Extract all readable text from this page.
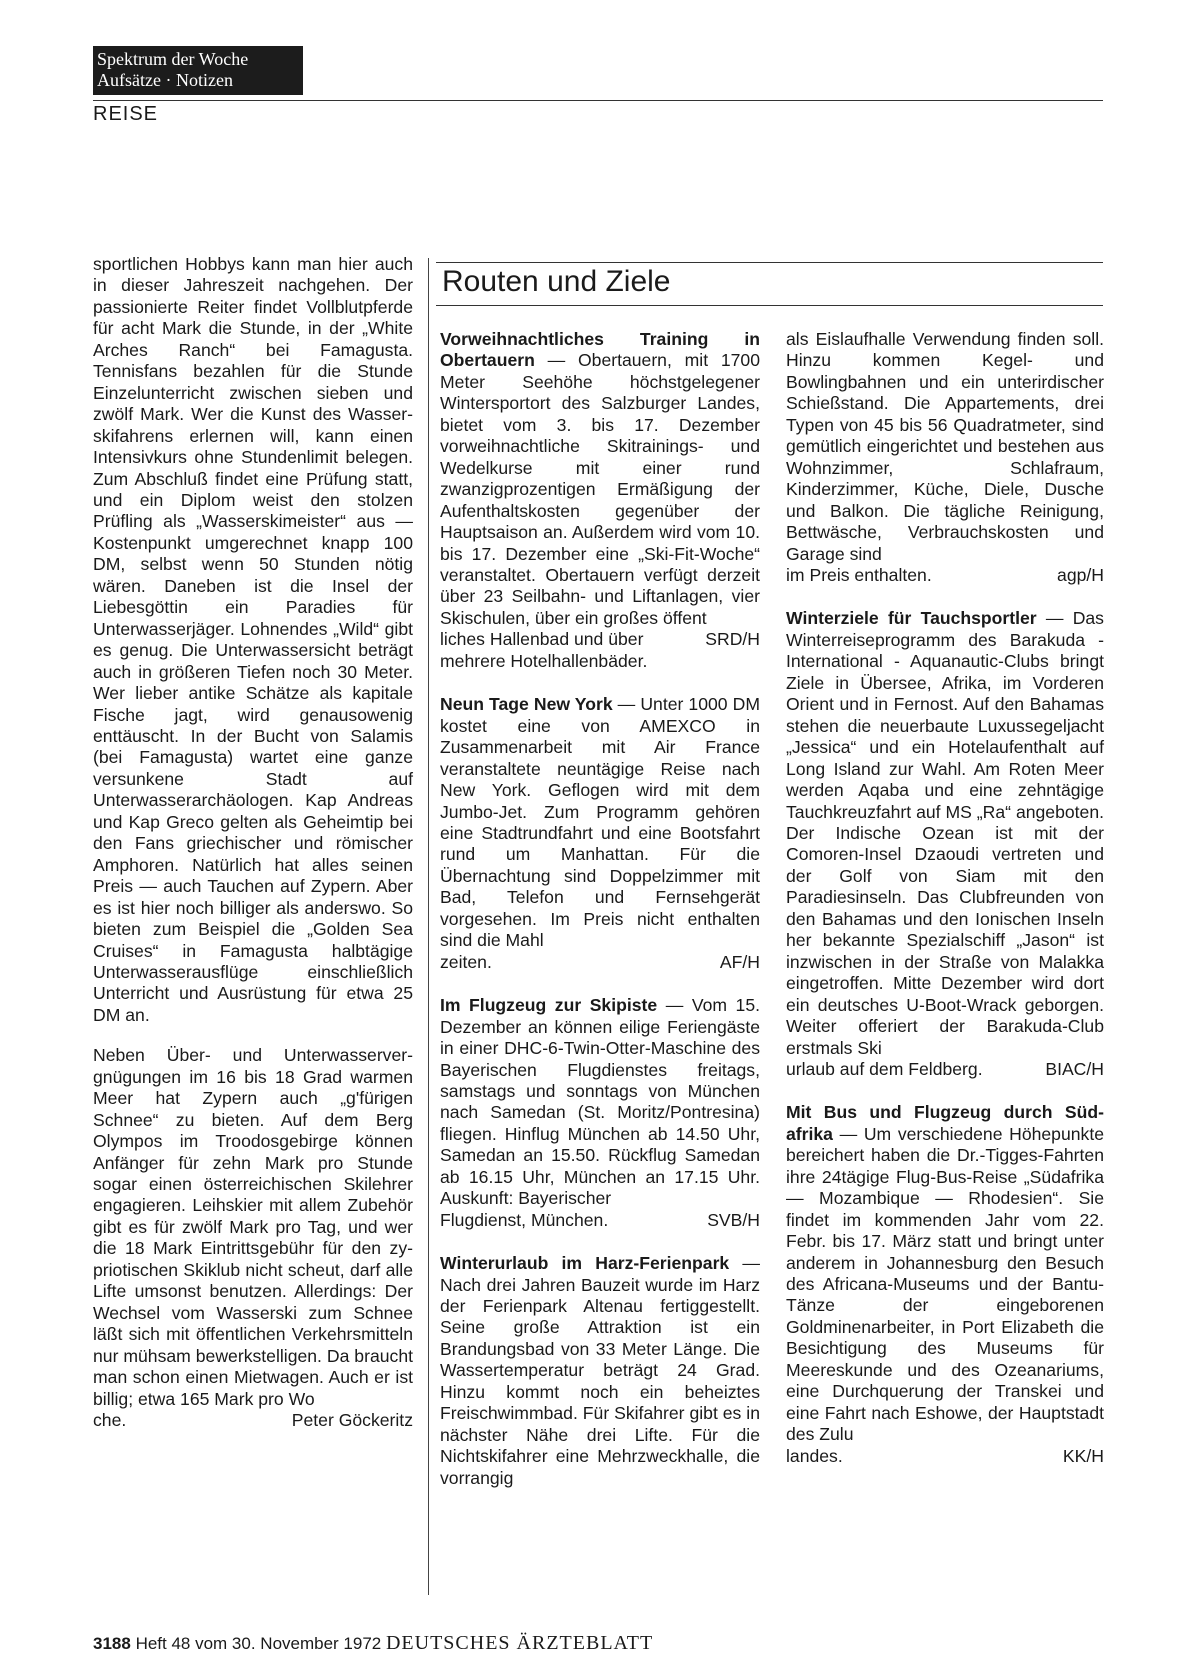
Spektrum der Woche
Aufsätze · Notizen
REISE

sportlichen Hobbys kann man hier auch in dieser Jahreszeit nachgehen. Der passionierte Reiter findet Vollblutpferde für acht Mark die Stunde, in der „White Arches Ranch“ bei Famagusta. Tennisfans bezahlen für die Stunde Einzelunterricht zwischen sieben und zwölf Mark. Wer die Kunst des Wasserskifahrens erlernen will, kann einen Intensivkurs ohne Stundenlimit belegen. Zum Abschluß findet eine Prüfung statt, und ein Diplom weist den stolzen Prüfling als „Wasserskimeister“ aus — Kostenpunkt umgerechnet knapp 100 DM, selbst wenn 50 Stunden nötig wären. Daneben ist die Insel der Liebesgöttin ein Paradies für Unterwasserjäger. Lohnendes „Wild“ gibt es genug. Die Unterwassersicht beträgt auch in größeren Tiefen noch 30 Meter. Wer lieber antike Schätze als kapitale Fische jagt, wird genausowenig enttäuscht. In der Bucht von Salamis (bei Famagusta) wartet eine ganze versunkene Stadt auf Unterwasserarchäologen. Kap Andreas und Kap Greco gelten als Geheimtip bei den Fans griechischer und römischer Amphoren. Natürlich hat alles seinen Preis — auch Tauchen auf Zypern. Aber es ist hier noch billiger als anderswo. So bieten zum Beispiel die „Golden Sea Cruises“ in Famagusta halbtägige Unterwasserausflüge einschließlich Unterricht und Ausrüstung für etwa 25 DM an.

Neben Über- und Unterwasservergnügungen im 16 bis 18 Grad warmen Meer hat Zypern auch „g'fürigen Schnee“ zu bieten. Auf dem Berg Olympos im Troodosgebirge können Anfänger für zehn Mark pro Stunde sogar einen österreichischen Skilehrer engagieren. Leihskier mit allem Zubehör gibt es für zwölf Mark pro Tag, und wer die 18 Mark Eintrittsgebühr für den zypriotischen Skiklub nicht scheut, darf alle Lifte umsonst benutzen. Allerdings: Der Wechsel vom Wasserski zum Schnee läßt sich mit öffentlichen Verkehrsmitteln nur mühsam bewerkstelligen. Da braucht man schon einen Mietwagen. Auch er ist billig; etwa 165 Mark pro Wo

che.	Peter Göckeritz

Routen und Ziele

Vorweihnachtliches Training in Obertauern — Obertauern, mit 1700 Meter Seehöhe höchstgelegener Wintersportort des Salzburger Landes, bietet vom 3. bis 17. Dezember vorweihnachtliche Skitrainings- und Wedelkurse mit einer rund zwanzigprozentigen Ermäßigung der Aufenthaltskosten gegenüber der Hauptsaison an. Außerdem wird vom 10. bis 17. Dezember eine „Ski-Fit-Woche“ veranstaltet. Obertauern verfügt derzeit über 23 Seilbahn- und Liftanlagen, vier Skischulen, über ein großes öffent

liches Hallenbad und über mehrere Hotelhallenbäder.
SRD/H

Neun Tage New York — Unter 1000 DM kostet eine von AMEXCO in Zusammenarbeit mit Air France veranstaltete neuntägige Reise nach New York. Geflogen wird mit dem Jumbo-Jet. Zum Programm gehören eine Stadtrundfahrt und eine Bootsfahrt rund um Manhattan. Für die Übernachtung sind Doppelzimmer mit Bad, Telefon und Fernsehgerät vorgesehen. Im Preis nicht enthalten sind die Mahl

zeiten.	AF/H

Im Flugzeug zur Skipiste — Vom 15. Dezember an können eilige Feriengäste in einer DHC-6-Twin-Otter-Maschine des Bayerischen Flugdienstes freitags, samstags und sonntags von München nach Samedan (St. Moritz/Pontresina) fliegen. Hinflug München ab 14.50 Uhr, Samedan an 15.50. Rückflug Samedan ab 16.15 Uhr, München an 17.15 Uhr. Auskunft: Bayerischer

Flugdienst, München.	SVB/H

Winterurlaub im Harz-Ferienpark — Nach drei Jahren Bauzeit wurde im Harz der Ferienpark Altenau fertiggestellt. Seine große Attraktion ist ein Brandungsbad von 33 Meter Länge. Die Wassertemperatur beträgt 24 Grad. Hinzu kommt noch ein beheiztes Freischwimmbad. Für Skifahrer gibt es in nächster Nähe drei Lifte. Für die Nichtskifahrer eine Mehrzweckhalle, die vorrangig

als Eislaufhalle Verwendung finden soll. Hinzu kommen Kegel- und Bowlingbahnen und ein unterirdischer Schießstand. Die Appartements, drei Typen von 45 bis 56 Quadratmeter, sind gemütlich eingerichtet und bestehen aus Wohnzimmer, Schlafraum, Kinderzimmer, Küche, Diele, Dusche und Balkon. Die tägliche Reinigung, Bettwäsche, Verbrauchskosten und Garage sind

im Preis enthalten.	agp/H

Winterziele für Tauchsportler — Das Winterreiseprogramm des Barakuda - International - Aquanautic-Clubs bringt Ziele in Übersee, Afrika, im Vorderen Orient und in Fernost. Auf den Bahamas stehen die neuerbaute Luxussegeljacht „Jessica“ und ein Hotelaufenthalt auf Long Island zur Wahl. Am Roten Meer werden Aqaba und eine zehntägige Tauchkreuzfahrt auf MS „Ra“ angeboten. Der Indische Ozean ist mit der Comoren-Insel Dzaoudi vertreten und der Golf von Siam mit den Paradiesinseln. Das Clubfreunden von den Bahamas und den Ionischen Inseln her bekannte Spezialschiff „Jason“ ist inzwischen in der Straße von Malakka eingetroffen. Mitte Dezember wird dort ein deutsches U-Boot-Wrack geborgen. Weiter offeriert der Barakuda-Club erstmals Ski

urlaub auf dem Feldberg.	BIAC/H

Mit Bus und Flugzeug durch Südafrika — Um verschiedene Höhepunkte bereichert haben die Dr.-Tigges-Fahrten ihre 24tägige Flug-Bus-Reise „Südafrika — Mozambique — Rhodesien“. Sie findet im kommenden Jahr vom 22. Febr. bis 17. März statt und bringt unter anderem in Johannesburg den Besuch des Africana-Museums und der Bantu-Tänze der eingeborenen Goldminenarbeiter, in Port Elizabeth die Besichtigung des Museums für Meereskunde und des Ozeanariums, eine Durchquerung der Transkei und eine Fahrt nach Eshowe, der Hauptstadt des Zulu

landes.	KK/H

3188 Heft 48 vom 30. November 1972 DEUTSCHES ÄRZTEBLATT
